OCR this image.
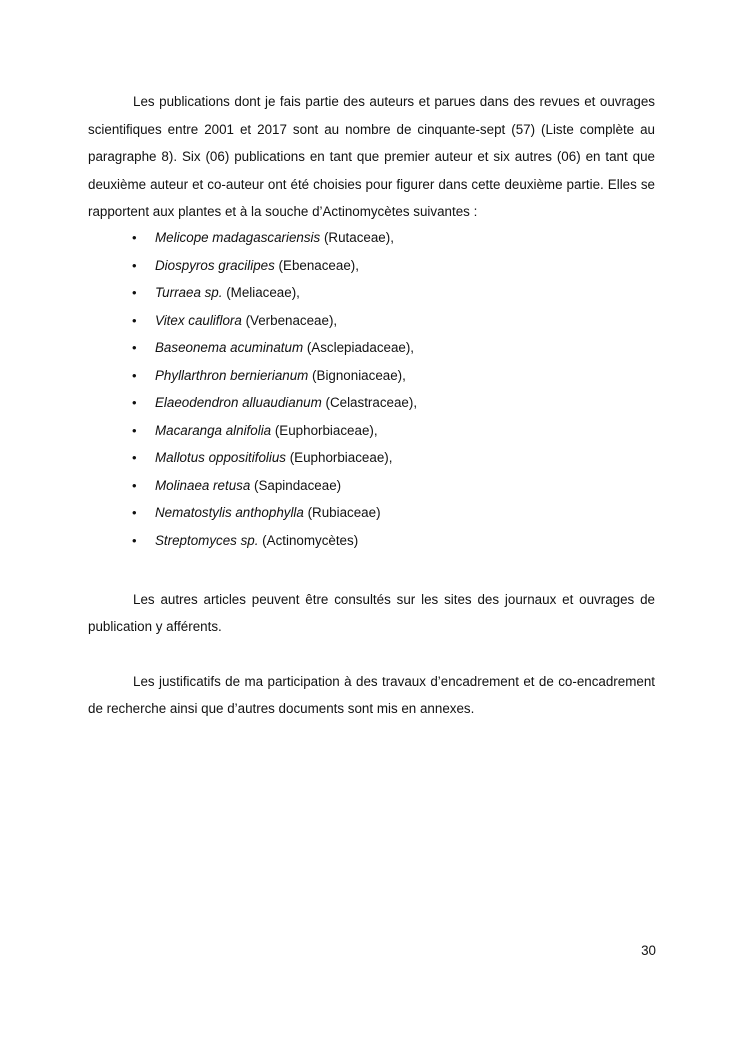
Les publications dont je fais partie des auteurs et parues dans des revues et ouvrages scientifiques entre 2001 et 2017 sont au nombre de cinquante-sept (57) (Liste complète au paragraphe 8). Six (06) publications en tant que premier auteur et six autres (06) en tant que deuxième auteur et co-auteur ont été choisies pour figurer dans cette deuxième partie. Elles se rapportent aux plantes et à la souche d’Actinomycètes suivantes :

• Melicope madagascariensis (Rutaceae),
• Diospyros gracilipes (Ebenaceae),
• Turraea sp. (Meliaceae),
• Vitex cauliflora (Verbenaceae),
• Baseonema acuminatum (Asclepiadaceae),
• Phyllarthron bernierianum (Bignoniaceae),
• Elaeodendron alluaudianum (Celastraceae),
• Macaranga alnifolia (Euphorbiaceae),
• Mallotus oppositifolius (Euphorbiaceae),
• Molinaea retusa (Sapindaceae)
• Nematostylis anthophylla (Rubiaceae)
• Streptomyces sp. (Actinomycètes)

Les autres articles peuvent être consultés sur les sites des journaux et ouvrages de publication y afférents.

Les justificatifs de ma participation à des travaux d’encadrement et de co-encadrement de recherche ainsi que d’autres documents sont mis en annexes.

30
